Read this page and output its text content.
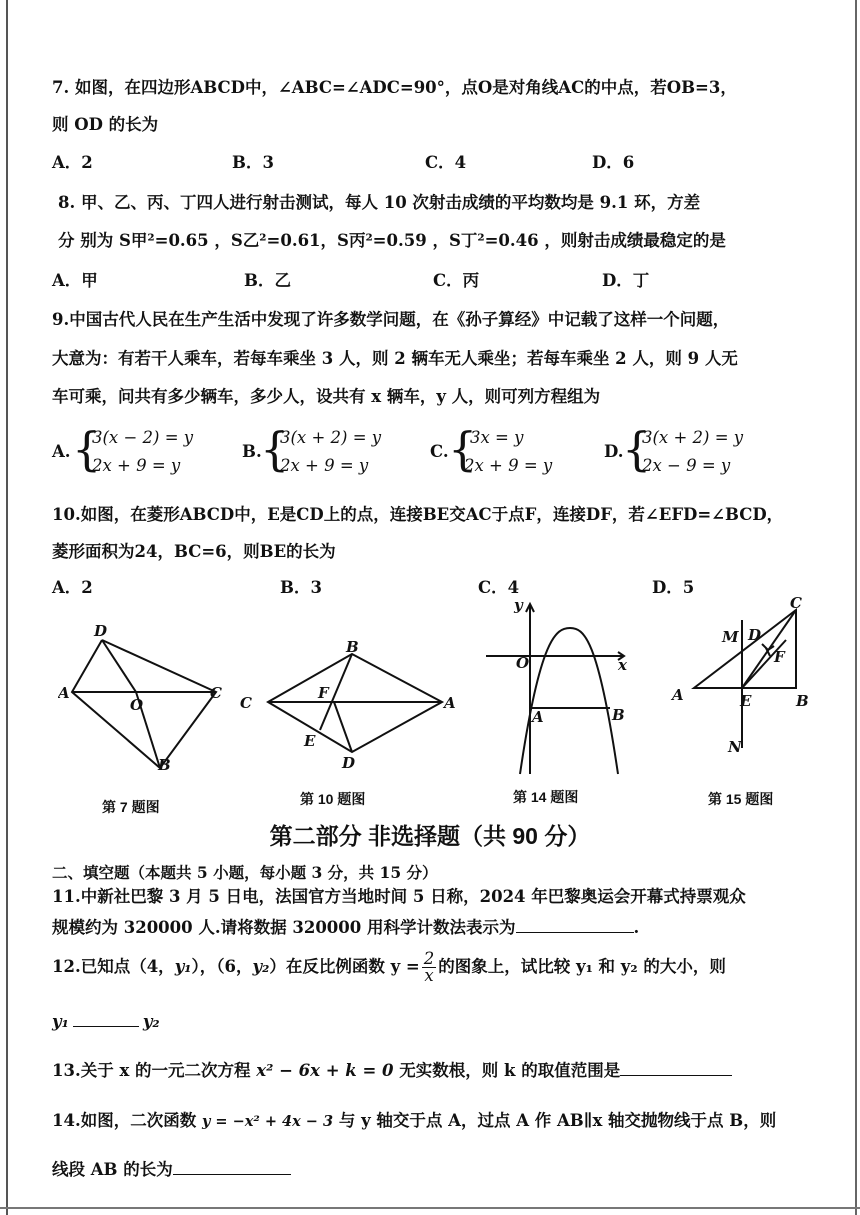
7. 如图，在四边形ABCD中，∠ABC=∠ADC=90°，点O是对角线AC的中点，若OB=3，
则 OD 的长为
A．2	B．3	C．4	D．6
8. 甲、乙、丙、丁四人进行射击测试，每人 10 次射击成绩的平均数均是 9.1 环，方差
分 别为 S甲²=0.65 ，S乙²=0.61，S丙²=0.59 ，S丁²=0.46 ，则射击成绩最稳定的是
A．甲	B．乙	C．丙	D．丁
9.中国古代人民在生产生活中发现了许多数学问题，在《孙子算经》中记载了这样一个问题，
大意为：有若干人乘车，若每车乘坐 3 人，则 2 辆车无人乘坐；若每车乘坐 2 人，则 9 人无
车可乘，问共有多少辆车，多少人，设共有 x 辆车，y 人，则可列方程组为
A. {
3(x − 2) = y
2x + 9 = y
B.
{
3(x + 2) = y
2x + 9 = y
C. {
3x = y
2x + 9 = y
D.
{
3(x + 2) = y
2x − 9 = y
10.如图，在菱形ABCD中，E是CD上的点，连接BE交AC于点F，连接DF，若∠EFD=∠BCD，
菱形面积为24，BC=6，则BE的长为
A．2	B．3	C．4	D．5
D
A
O
C
B
B
C
F
A
E
D
y
O	x
A	B
C
M D
F
A	E	B
N
第 7 题图	第 10 题图	第 14 题图	第 15 题图
第二部分 非选择题（共 90 分）
二、填空题（本题共 5 小题，每小题 3 分，共 15 分）
11.中新社巴黎 3 月 5 日电，法国官方当地时间 5 日称，2024 年巴黎奥运会开幕式持票观众
规模约为 320000 人.请将数据 320000 用科学计数法表示为	.
12.已知点（4，y₁），（6，y₂）在反比例函数 $y = \frac{2}{x}$ 的图象上，试比较 y₁ 和 y₂ 的大小，则
y₁	y₂
13.关于 x 的一元二次方程 x² − 6x + k = 0 无实数根，则 k 的取值范围是
14.如图，二次函数 y = −x² + 4x − 3 与 y 轴交于点 A，过点 A 作 AB∥x 轴交抛物线于点 B，则
线段 AB 的长为
